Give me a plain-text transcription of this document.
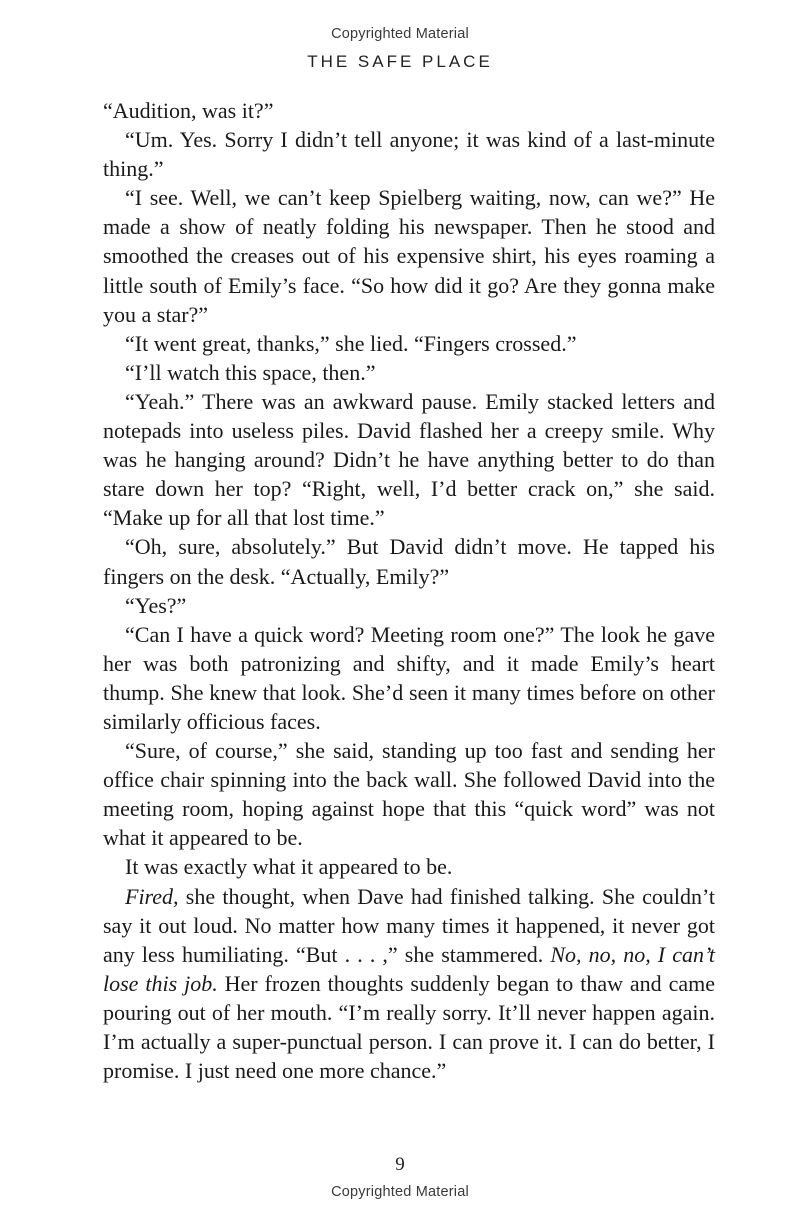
Copyrighted Material
THE SAFE PLACE

“Audition, was it?”

“Um. Yes. Sorry I didn’t tell anyone; it was kind of a last-minute thing.”

“I see. Well, we can’t keep Spielberg waiting, now, can we?” He made a show of neatly folding his newspaper. Then he stood and smoothed the creases out of his expensive shirt, his eyes roaming a little south of Emily’s face. “So how did it go? Are they gonna make you a star?”

“It went great, thanks,” she lied. “Fingers crossed.”

“I’ll watch this space, then.”

“Yeah.” There was an awkward pause. Emily stacked letters and notepads into useless piles. David flashed her a creepy smile. Why was he hanging around? Didn’t he have anything better to do than stare down her top? “Right, well, I’d better crack on,” she said. “Make up for all that lost time.”

“Oh, sure, absolutely.” But David didn’t move. He tapped his fingers on the desk. “Actually, Emily?”

“Yes?”

“Can I have a quick word? Meeting room one?” The look he gave her was both patronizing and shifty, and it made Emily’s heart thump. She knew that look. She’d seen it many times before on other similarly officious faces.

“Sure, of course,” she said, standing up too fast and sending her office chair spinning into the back wall. She followed David into the meeting room, hoping against hope that this “quick word” was not what it appeared to be.

It was exactly what it appeared to be.

Fired, she thought, when Dave had finished talking. She couldn’t say it out loud. No matter how many times it happened, it never got any less humiliating. “But . . . ,” she stammered. No, no, no, I can’t lose this job. Her frozen thoughts suddenly began to thaw and came pouring out of her mouth. “I’m really sorry. It’ll never happen again. I’m actually a super-punctual person. I can prove it. I can do better, I promise. I just need one more chance.”

9
Copyrighted Material
